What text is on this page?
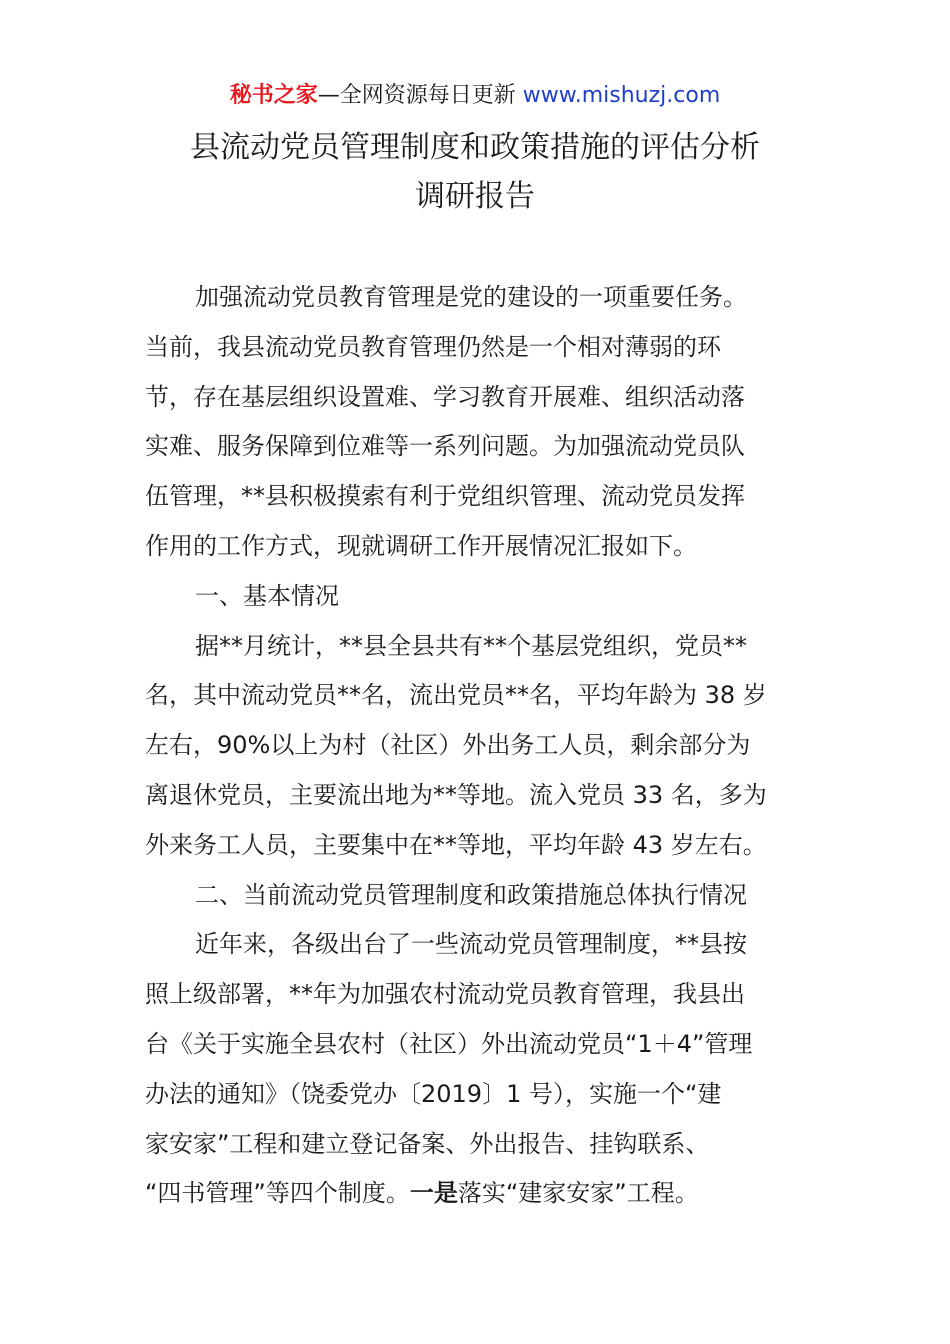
秘书之家—全网资源每日更新 www.mishuzj.com
县流动党员管理制度和政策措施的评估分析
调研报告
加强流动党员教育管理是党的建设的一项重要任务。
当前，我县流动党员教育管理仍然是一个相对薄弱的环
节，存在基层组织设置难、学习教育开展难、组织活动落
实难、服务保障到位难等一系列问题。为加强流动党员队
伍管理，**县积极摸索有利于党组织管理、流动党员发挥
作用的工作方式，现就调研工作开展情况汇报如下。
一、基本情况
据**月统计，**县全县共有**个基层党组织，党员**
名，其中流动党员**名，流出党员**名，平均年龄为 38 岁
左右，90%以上为村（社区）外出务工人员，剩余部分为
离退休党员，主要流出地为**等地。流入党员 33 名，多为
外来务工人员，主要集中在**等地，平均年龄 43 岁左右。
二、当前流动党员管理制度和政策措施总体执行情况
近年来，各级出台了一些流动党员管理制度，**县按
照上级部署，**年为加强农村流动党员教育管理，我县出
台《关于实施全县农村（社区）外出流动党员“1＋4”管理
办法的通知》（饶委党办〔2019〕1 号），实施一个“建
家安家”工程和建立登记备案、外出报告、挂钩联系、
“四书管理”等四个制度。一是落实“建家安家”工程。
